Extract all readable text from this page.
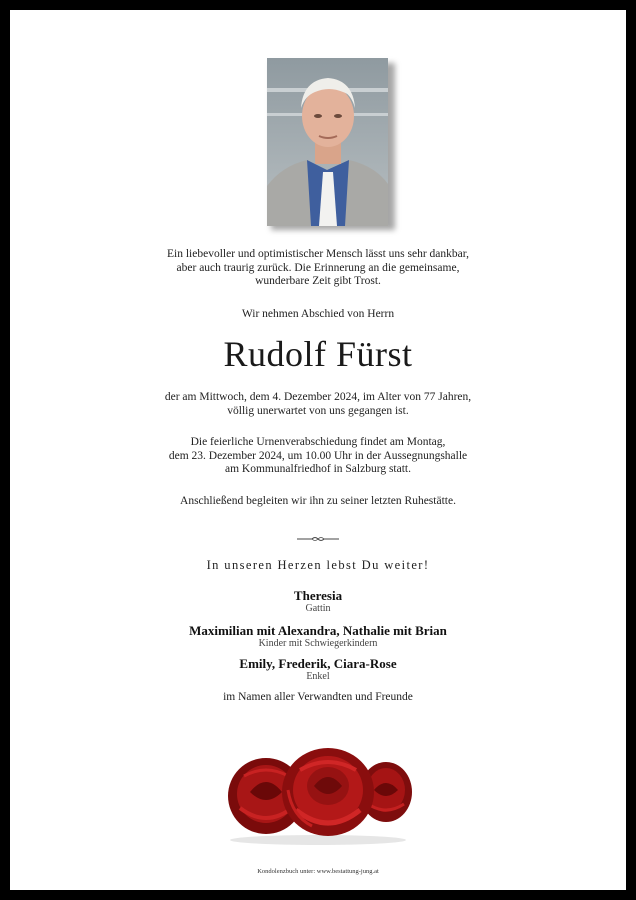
Ein liebevoller und optimistischer Mensch lässt uns sehr dankbar,
aber auch traurig zurück. Die Erinnerung an die gemeinsame,
wunderbare Zeit gibt Trost.
Wir nehmen Abschied von Herrn
Rudolf Fürst
der am Mittwoch, dem 4. Dezember 2024, im Alter von 77 Jahren,
völlig unerwartet von uns gegangen ist.
Die feierliche Urnenverabschiedung findet am Montag,
dem 23. Dezember 2024, um 10.00 Uhr in der Aussegnungshalle
am Kommunalfriedhof in Salzburg statt.
Anschließend begleiten wir ihn zu seiner letzten Ruhestätte.
In unseren Herzen lebst Du weiter!
Theresia
Gattin
Maximilian mit Alexandra, Nathalie mit Brian
Kinder mit Schwiegerkindern
Emily, Frederik, Ciara-Rose
Enkel
im Namen aller Verwandten und Freunde
Kondolenzbuch unter: www.bestattung-jung.at
